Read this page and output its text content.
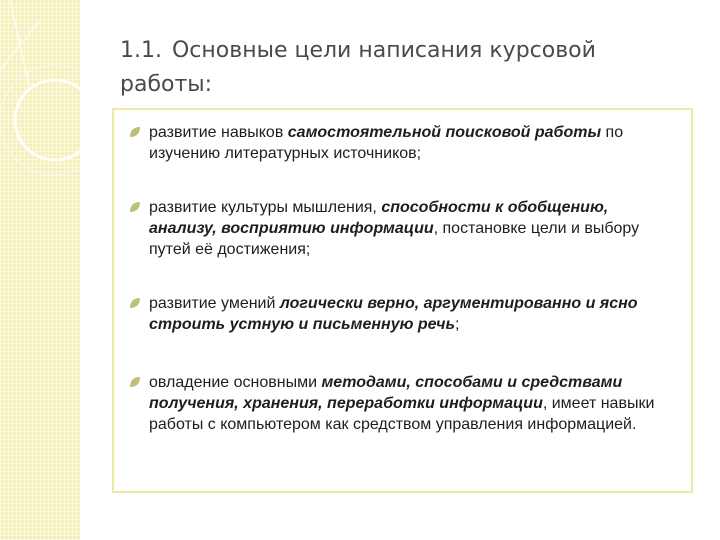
1.1. Основные цели написания курсовой работы:
развитие навыков самостоятельной поисковой работы по изучению литературных источников;
развитие культуры мышления, способности к обобщению, анализу, восприятию информации, постановке цели и выбору путей её достижения;
развитие умений логически верно, аргументированно и ясно строить устную и письменную речь;
овладение основными методами, способами и средствами получения, хранения, переработки информации, имеет навыки работы с компьютером как средством управления информацией.
